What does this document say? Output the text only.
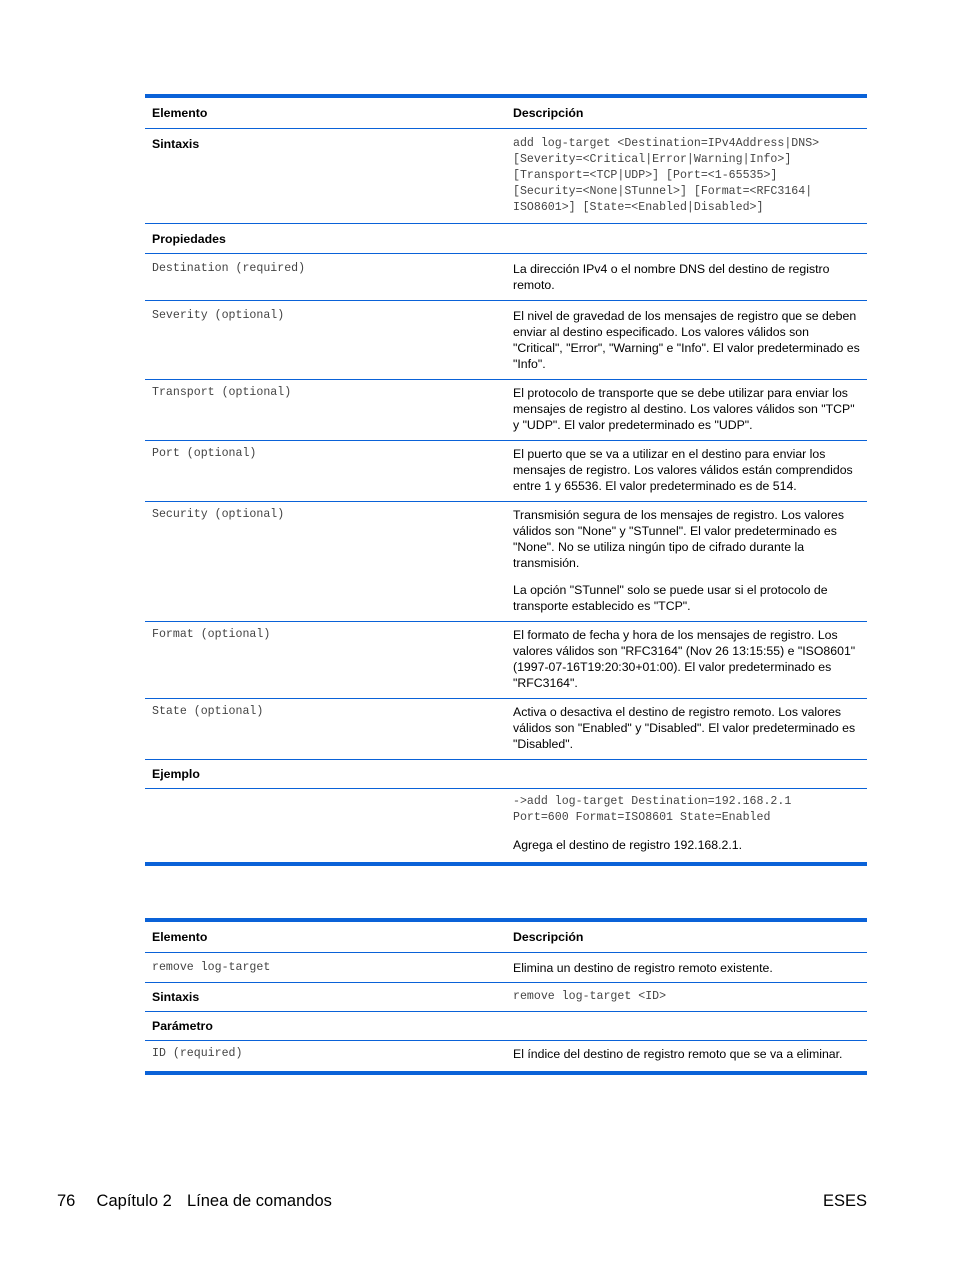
Elemento	Descripción
Sintaxis	add log-target <Destination=IPv4Address|DNS>
[Severity=<Critical|Error|Warning|Info>]
[Transport=<TCP|UDP>] [Port=<1-65535>]
[Security=<None|STunnel>] [Format=<RFC3164|
ISO8601>] [State=<Enabled|Disabled>]

Propiedades	
Destination (required)	La dirección IPv4 o el nombre DNS del destino de registro remoto.

Severity (optional)	El nivel de gravedad de los mensajes de registro que se deben enviar al destino especificado. Los valores válidos son "Critical", "Error", "Warning" e "Info". El valor predeterminado es "Info".

Transport (optional)	El protocolo de transporte que se debe utilizar para enviar los mensajes de registro al destino. Los valores válidos son "TCP" y "UDP". El valor predeterminado es "UDP".

Port (optional)	El puerto que se va a utilizar en el destino para enviar los mensajes de registro. Los valores válidos están comprendidos entre 1 y 65536. El valor predeterminado es de 514.

Security (optional)	Transmisión segura de los mensajes de registro. Los valores válidos son "None" y "STunnel". El valor predeterminado es "None". No se utiliza ningún tipo de cifrado durante la transmisión.
La opción "STunnel" solo se puede usar si el protocolo de transporte establecido es "TCP".

Format (optional)	El formato de fecha y hora de los mensajes de registro. Los valores válidos son "RFC3164" (Nov 26 13:15:55) e "ISO8601" (1997-07-16T19:20:30+01:00). El valor predeterminado es "RFC3164".

State (optional)	Activa o desactiva el destino de registro remoto. Los valores válidos son "Enabled" y "Disabled". El valor predeterminado es "Disabled".

Ejemplo	

	->add log-target Destination=192.168.2.1
Port=600 Format=ISO8601 State=Enabled
Agrega el destino de registro 192.168.2.1.
Elemento	Descripción
remove log-target	Elimina un destino de registro remoto existente.
Sintaxis	remove log-target <ID>
Parámetro	
ID (required)	El índice del destino de registro remoto que se va a eliminar.
76 Capítulo 2 Línea de comandos	ESES
